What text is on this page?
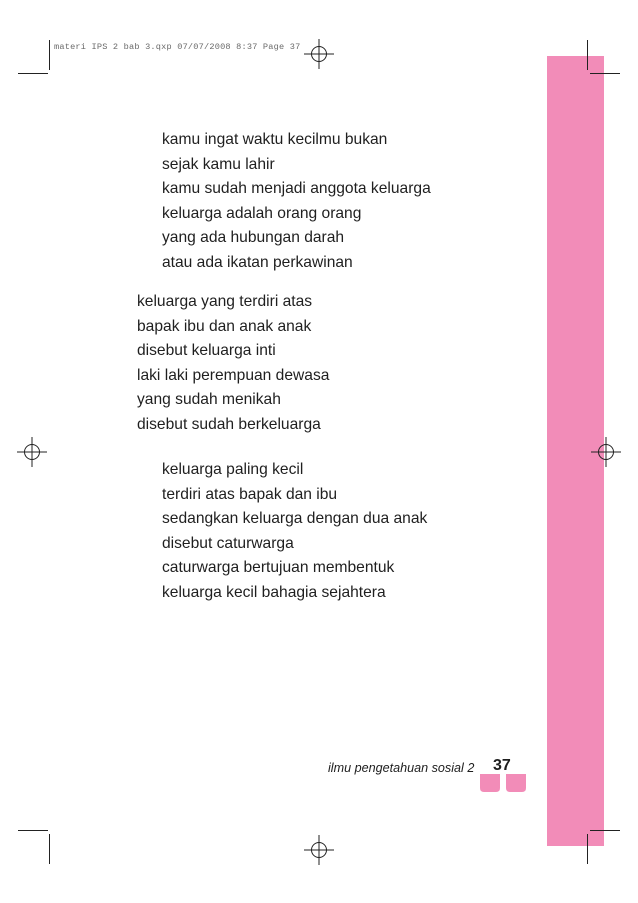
materi IPS 2 bab 3.qxp 07/07/2008 8:37 Page 37
kamu ingat waktu kecilmu bukan
sejak kamu lahir
kamu sudah menjadi anggota keluarga
keluarga adalah orang orang
yang ada hubungan darah
atau ada ikatan perkawinan
keluarga yang terdiri atas
bapak ibu dan anak anak
disebut keluarga inti
laki laki perempuan dewasa
yang sudah menikah
disebut sudah berkeluarga
keluarga paling kecil
terdiri atas bapak dan ibu
sedangkan keluarga dengan dua anak
disebut caturwarga
caturwarga bertujuan membentuk
keluarga kecil bahagia sejahtera
ilmu pengetahuan sosial 2 37
